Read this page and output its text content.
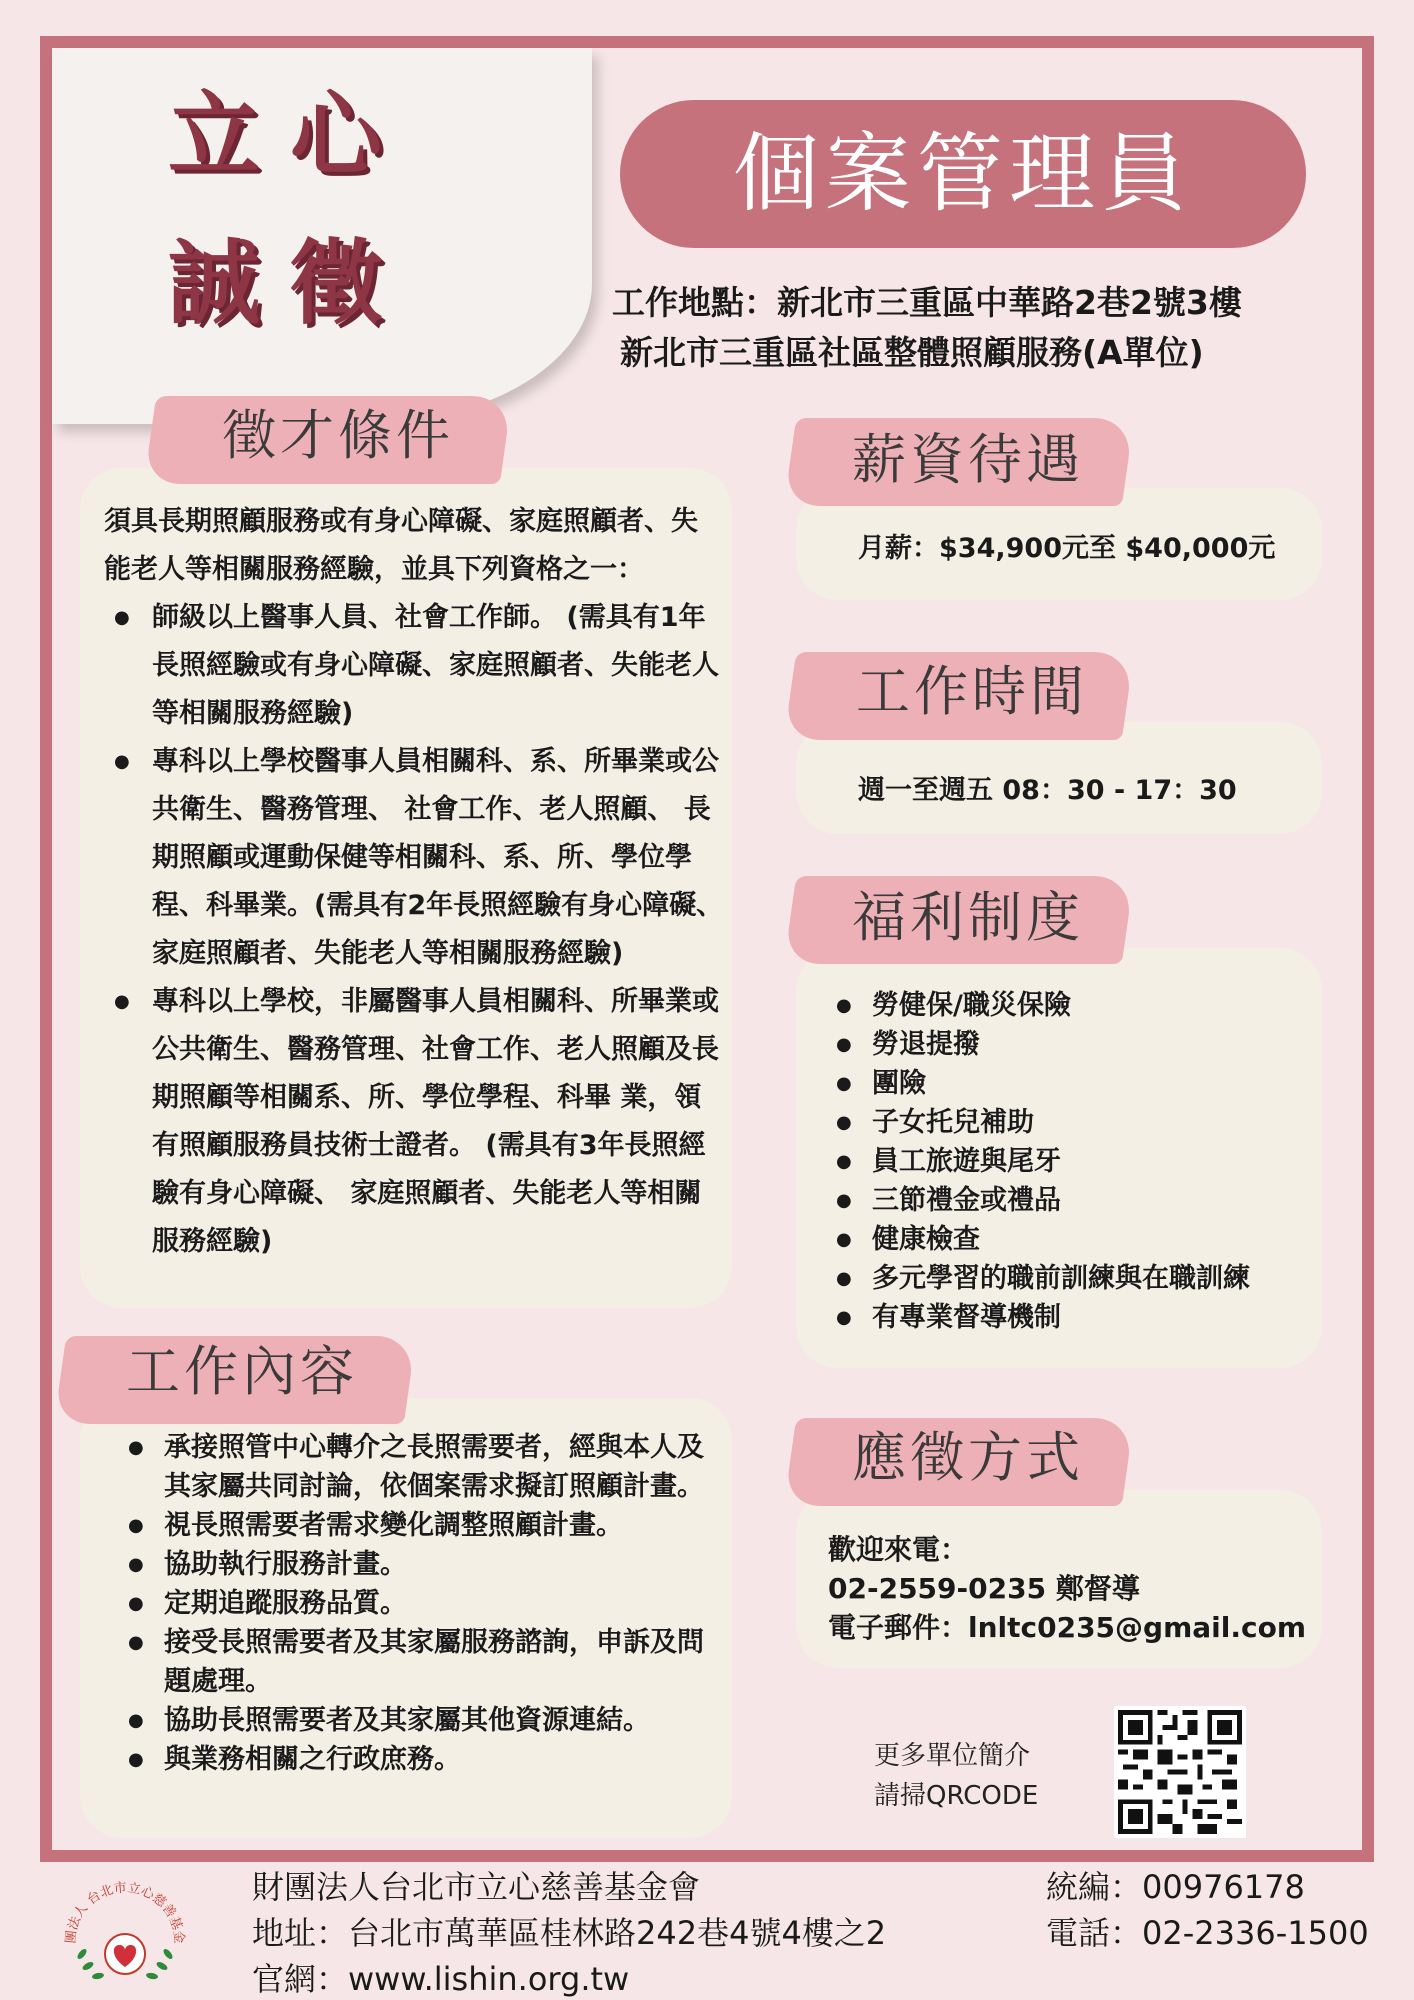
立心
誠徵
個案管理員
工作地點：新北市三重區中華路2巷2號3樓
新北市三重區社區整體照顧服務(A單位)
徵才條件
須具長期照顧服務或有身心障礙、家庭照顧者、失能老人等相關服務經驗，並具下列資格之一：
● 師級以上醫事人員、社會工作師。 (需具有1年長照經驗或有身心障礙、家庭照顧者、失能老人等相關服務經驗)
● 專科以上學校醫事人員相關科、系、所畢業或公共衛生、醫務管理、 社會工作、老人照顧、 長期照顧或運動保健等相關科、系、所、學位學程、科畢業。(需具有2年長照經驗有身心障礙、家庭照顧者、失能老人等相關服務經驗)
● 專科以上學校，非屬醫事人員相關科、所畢業或公共衛生、醫務管理、社會工作、老人照顧及長期照顧等相關系、所、學位學程、科畢 業，領有照顧服務員技術士證者。 (需具有3年長照經驗有身心障礙、 家庭照顧者、失能老人等相關服務經驗)
工作內容
● 承接照管中心轉介之長照需要者，經與本人及其家屬共同討論，依個案需求擬訂照顧計畫。
● 視長照需要者需求變化調整照顧計畫。
● 協助執行服務計畫。
● 定期追蹤服務品質。
● 接受長照需要者及其家屬服務諮詢，申訴及問題處理。
● 協助長照需要者及其家屬其他資源連結。
● 與業務相關之行政庶務。
薪資待遇
月薪：$34,900元至 $40,000元
工作時間
週一至週五 08：30 - 17：30
福利制度
● 勞健保/職災保險
● 勞退提撥
● 團險
● 子女托兒補助
● 員工旅遊與尾牙
● 三節禮金或禮品
● 健康檢查
● 多元學習的職前訓練與在職訓練
● 有專業督導機制
應徵方式
歡迎來電：
02-2559-0235 鄭督導
電子郵件：lnltc0235@gmail.com
更多單位簡介
請掃QRCODE
團法人 台北市立心慈善基金
財團法人台北市立心慈善基金會
地址：台北市萬華區桂林路242巷4號4樓之2
官網：www.lishin.org.tw
統編：00976178
電話：02-2336-1500
